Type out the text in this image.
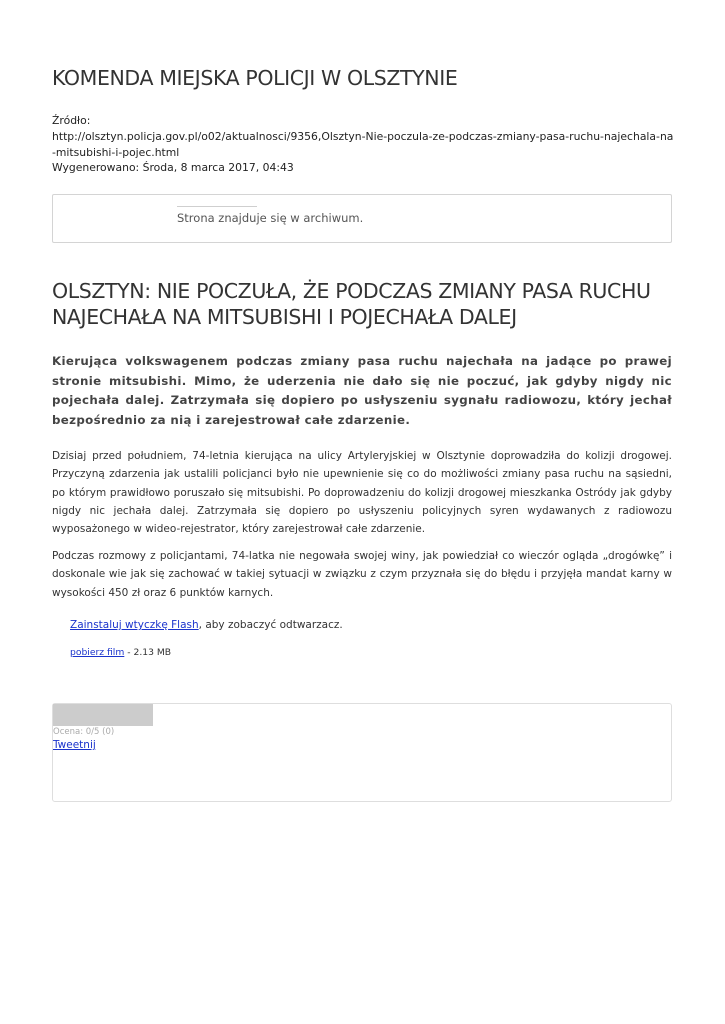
KOMENDA MIEJSKA POLICJI W OLSZTYNIE
Źródło:
http://olsztyn.policja.gov.pl/o02/aktualnosci/9356,Olsztyn-Nie-poczula-ze-podczas-zmiany-pasa-ruchu-najechala-na-mitsubishi-i-pojec.html
Wygenerowano: Środa, 8 marca 2017, 04:43
Strona znajduje się w archiwum.
OLSZTYN: NIE POCZUŁA, ŻE PODCZAS ZMIANY PASA RUCHU NAJECHAŁA NA MITSUBISHI I POJECHAŁA DALEJ

Kierująca volkswagenem podczas zmiany pasa ruchu najechała na jadące po prawej stronie mitsubishi. Mimo, że uderzenia nie dało się nie poczuć, jak gdyby nigdy nic pojechała dalej. Zatrzymała się dopiero po usłyszeniu sygnału radiowozu, który jechał bezpośrednio za nią i zarejestrował całe zdarzenie.

Dzisiaj przed południem, 74-letnia kierująca na ulicy Artyleryjskiej w Olsztynie doprowadziła do kolizji drogowej. Przyczyną zdarzenia jak ustalili policjanci było nie upewnienie się co do możliwości zmiany pasa ruchu na sąsiedni, po którym prawidłowo poruszało się mitsubishi. Po doprowadzeniu do kolizji drogowej mieszkanka Ostródy jak gdyby nigdy nic jechała dalej. Zatrzymała się dopiero po usłyszeniu policyjnych syren wydawanych z radiowozu wyposażonego w wideo-rejestrator, który zarejestrował całe zdarzenie.

Podczas rozmowy z policjantami, 74-latka nie negowała swojej winy, jak powiedział co wieczór ogląda „drogówkę” i doskonale wie jak się zachować w takiej sytuacji w związku z czym przyznała się do błędu i przyjęła mandat karny w wysokości 450 zł oraz 6 punktów karnych.

Zainstaluj wtyczkę Flash, aby zobaczyć odtwarzacz.
pobierz film - 2.13 MB
Ocena: 0/5 (0)
Tweetnij
